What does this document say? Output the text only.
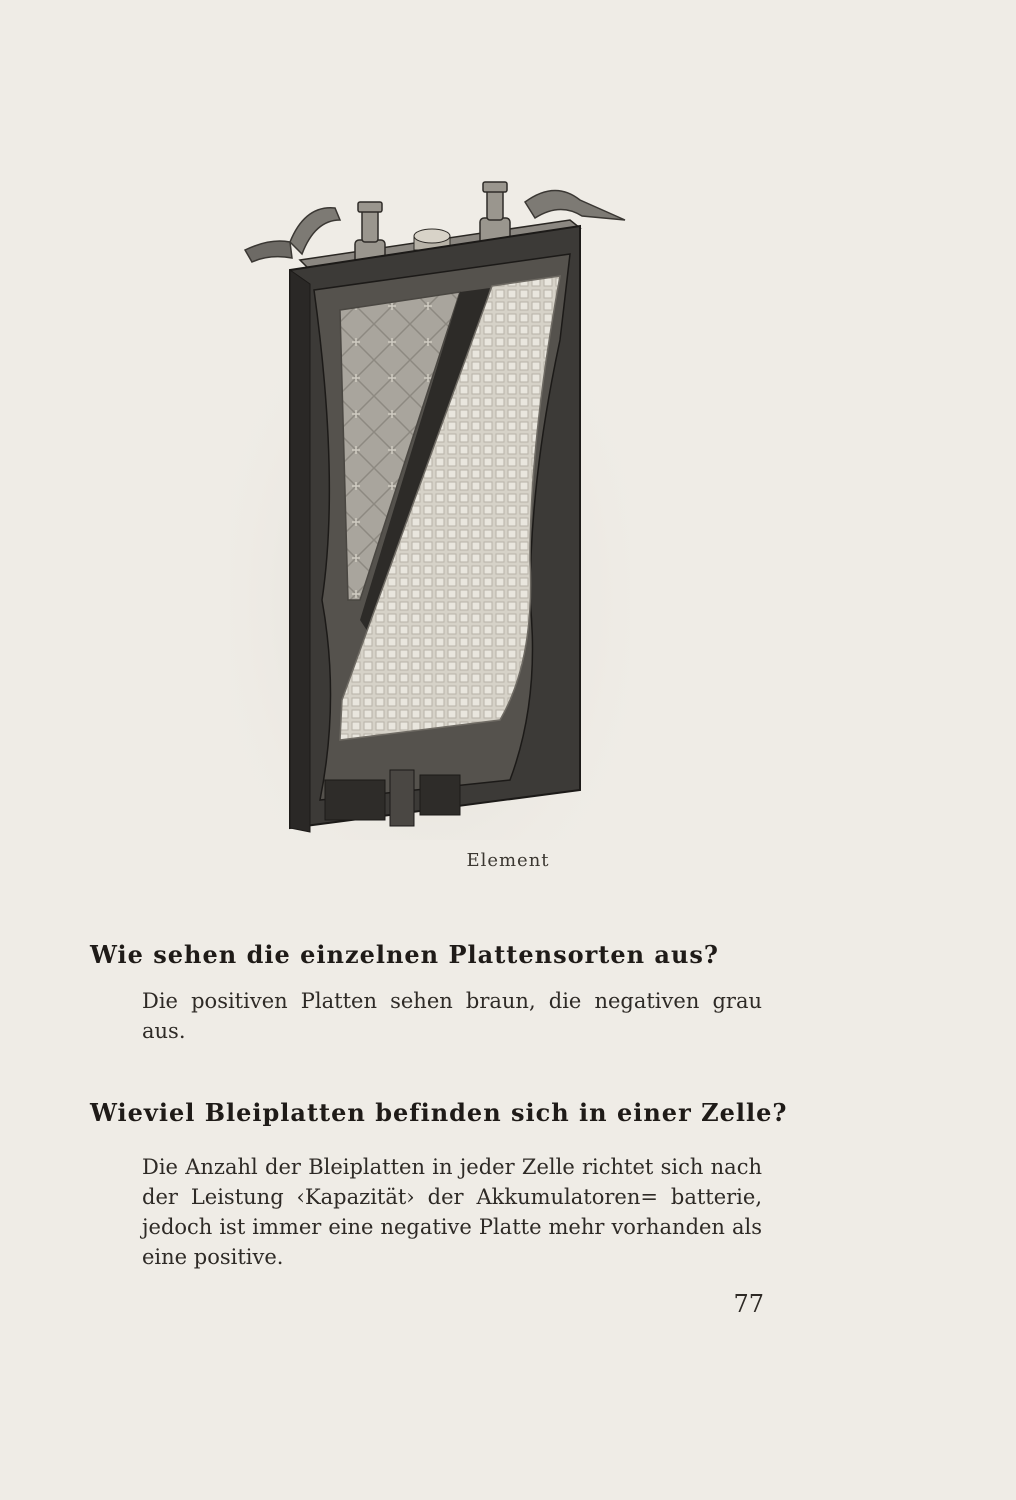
Element
Wie sehen die einzelnen Plattensorten aus?

Die positiven Platten sehen braun, die negativen grau aus.

Wieviel Bleiplatten befinden sich in einer Zelle?

Die Anzahl der Bleiplatten in jeder Zelle richtet sich nach der Leistung ‹Kapazität› der Akkumulatoren= batterie, jedoch ist immer eine negative Platte mehr vorhanden als eine positive.

77
